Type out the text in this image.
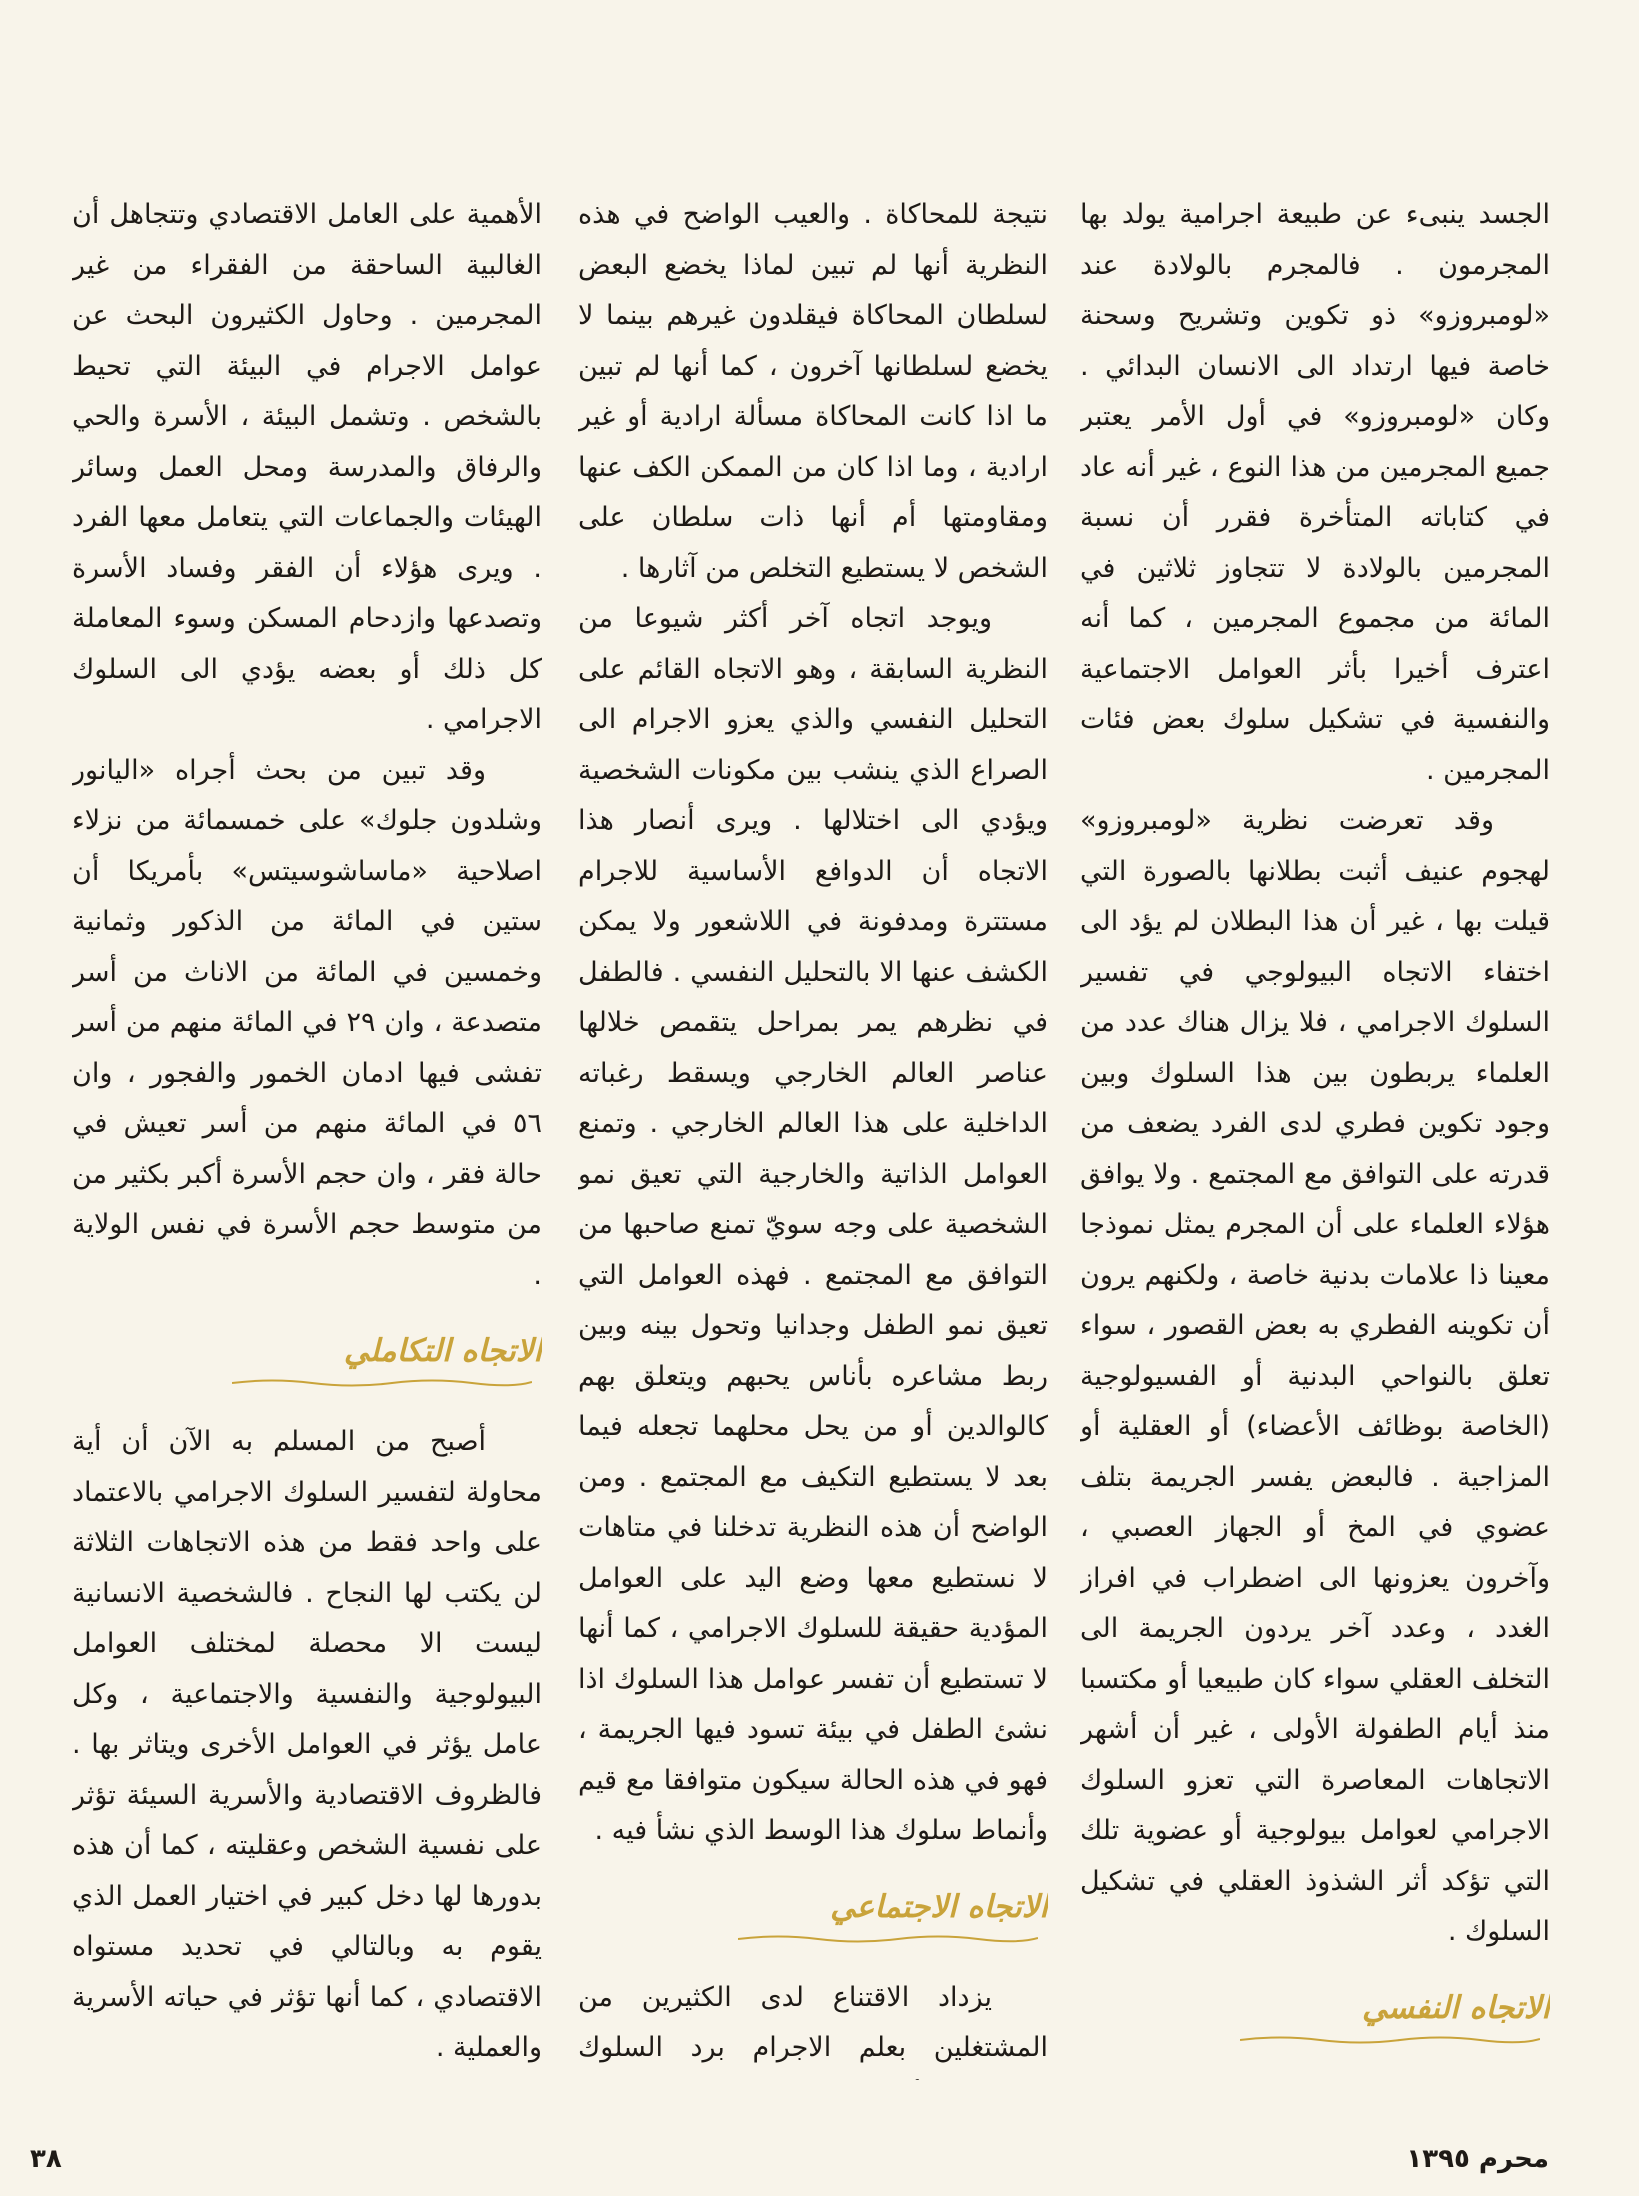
الجسد ينبىء عن طبيعة اجرامية يولد بها المجرمون . فالمجرم بالولادة عند «لومبروزو» ذو تكوين وتشريح وسحنة خاصة فيها ارتداد الى الانسان البدائي . وكان «لومبروزو» في أول الأمر يعتبر جميع المجرمين من هذا النوع ، غير أنه عاد في كتاباته المتأخرة فقرر أن نسبة المجرمين بالولادة لا تتجاوز ثلاثين في المائة من مجموع المجرمين ، كما أنه اعترف أخيرا بأثر العوامل الاجتماعية والنفسية في تشكيل سلوك بعض فئات المجرمين .

وقد تعرضت نظرية «لومبروزو» لهجوم عنيف أثبت بطلانها بالصورة التي قيلت بها ، غير أن هذا البطلان لم يؤد الى اختفاء الاتجاه البيولوجي في تفسير السلوك الاجرامي ، فلا يزال هناك عدد من العلماء يربطون بين هذا السلوك وبين وجود تكوين فطري لدى الفرد يضعف من قدرته على التوافق مع المجتمع . ولا يوافق هؤلاء العلماء على أن المجرم يمثل نموذجا معينا ذا علامات بدنية خاصة ، ولكنهم يرون أن تكوينه الفطري به بعض القصور ، سواء تعلق بالنواحي البدنية أو الفسيولوجية (الخاصة بوظائف الأعضاء) أو العقلية أو المزاجية . فالبعض يفسر الجريمة بتلف عضوي في المخ أو الجهاز العصبي ، وآخرون يعزونها الى اضطراب في افراز الغدد ، وعدد آخر يردون الجريمة الى التخلف العقلي سواء كان طبيعيا أو مكتسبا منذ أيام الطفولة الأولى ، غير أن أشهر الاتجاهات المعاصرة التي تعزو السلوك الاجرامي لعوامل بيولوجية أو عضوية تلك التي تؤكد أثر الشذوذ العقلي في تشكيل السلوك .

الاتجاه النفسي

نتيجة للمحاكاة . والعيب الواضح في هذه النظرية أنها لم تبين لماذا يخضع البعض لسلطان المحاكاة فيقلدون غيرهم بينما لا يخضع لسلطانها آخرون ، كما أنها لم تبين ما اذا كانت المحاكاة مسألة ارادية أو غير ارادية ، وما اذا كان من الممكن الكف عنها ومقاومتها أم أنها ذات سلطان على الشخص لا يستطيع التخلص من آثارها .

ويوجد اتجاه آخر أكثر شيوعا من النظرية السابقة ، وهو الاتجاه القائم على التحليل النفسي والذي يعزو الاجرام الى الصراع الذي ينشب بين مكونات الشخصية ويؤدي الى اختلالها . ويرى أنصار هذا الاتجاه أن الدوافع الأساسية للاجرام مستترة ومدفونة في اللاشعور ولا يمكن الكشف عنها الا بالتحليل النفسي . فالطفل في نظرهم يمر بمراحل يتقمص خلالها عناصر العالم الخارجي ويسقط رغباته الداخلية على هذا العالم الخارجي . وتمنع العوامل الذاتية والخارجية التي تعيق نمو الشخصية على وجه سويّ تمنع صاحبها من التوافق مع المجتمع . فهذه العوامل التي تعيق نمو الطفل وجدانيا وتحول بينه وبين ربط مشاعره بأناس يحبهم ويتعلق بهم كالوالدين أو من يحل محلهما تجعله فيما بعد لا يستطيع التكيف مع المجتمع . ومن الواضح أن هذه النظرية تدخلنا في متاهات لا نستطيع معها وضع اليد على العوامل المؤدية حقيقة للسلوك الاجرامي ، كما أنها لا تستطيع أن تفسر عوامل هذا السلوك اذا نشئ الطفل في بيئة تسود فيها الجريمة ، فهو في هذه الحالة سيكون متوافقا مع قيم وأنماط سلوك هذا الوسط الذي نشأ فيه .

الاتجاه الاجتماعي

يزداد الاقتناع لدى الكثيرين من المشتغلين بعلم الاجرام برد السلوك

الأهمية على العامل الاقتصادي وتتجاهل أن الغالبية الساحقة من الفقراء من غير المجرمين . وحاول الكثيرون البحث عن عوامل الاجرام في البيئة التي تحيط بالشخص . وتشمل البيئة ، الأسرة والحي والرفاق والمدرسة ومحل العمل وسائر الهيئات والجماعات التي يتعامل معها الفرد . ويرى هؤلاء أن الفقر وفساد الأسرة وتصدعها وازدحام المسكن وسوء المعاملة كل ذلك أو بعضه يؤدي الى السلوك الاجرامي .

وقد تبين من بحث أجراه «اليانور وشلدون جلوك» على خمسمائة من نزلاء اصلاحية «ماساشوسيتس» بأمريكا أن ستين في المائة من الذكور وثمانية وخمسين في المائة من الاناث من أسر متصدعة ، وان ٢٩ في المائة منهم من أسر تفشى فيها ادمان الخمور والفجور ، وان ٥٦ في المائة منهم من أسر تعيش في حالة فقر ، وان حجم الأسرة أكبر بكثير من من متوسط حجم الأسرة في نفس الولاية .

الاتجاه التكاملي

أصبح من المسلم به الآن أن أية محاولة لتفسير السلوك الاجرامي بالاعتماد على واحد فقط من هذه الاتجاهات الثلاثة لن يكتب لها النجاح . فالشخصية الانسانية ليست الا محصلة لمختلف العوامل البيولوجية والنفسية والاجتماعية ، وكل عامل يؤثر في العوامل الأخرى ويتاثر بها . فالظروف الاقتصادية والأسرية السيئة تؤثر على نفسية الشخص وعقليته ، كما أن هذه بدورها لها دخل كبير في اختيار العمل الذي يقوم به وبالتالي في تحديد مستواه الاقتصادي ، كما أنها تؤثر في حياته الأسرية والعملية .

محرم ١٣٩٥
٣٨
